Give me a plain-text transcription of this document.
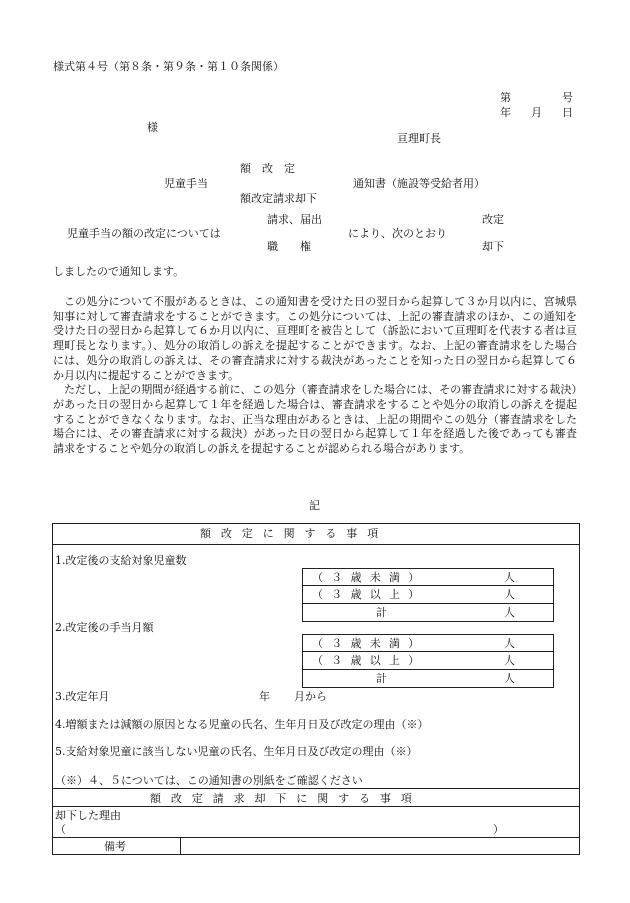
様式第４号（第８条・第９条・第１０条関係）
第	号
年 月 日
様
亘理町長
額　改　定
児童手当	通知書（施設等受給者用）
額改定請求却下
請求、届出	改定
児童手当の額の改定については	により、次のとおり
職　　権	却下
しましたので通知します。

この処分について不服があるときは、この通知書を受けた日の翌日から起算して３か月以内に、宮城県知事に対して審査請求をすることができます。この処分については、上記の審査請求のほか、この通知を受けた日の翌日から起算して６か月以内に、亘理町を被告として（訴訟において亘理町を代表する者は亘理町長となります。）、処分の取消しの訴えを提起することができます。なお、上記の審査請求をした場合には、処分の取消しの訴えは、その審査請求に対する裁決があったことを知った日の翌日から起算して６か月以内に提起することができます。

ただし、上記の期間が経過する前に、この処分（審査請求をした場合には、その審査請求に対する裁決）があった日の翌日から起算して１年を経過した場合は、審査請求をすることや処分の取消しの訴えを提起することができなくなります。なお、正当な理由があるときは、上記の期間やこの処分（審査請求をした場合には、その審査請求に対する裁決）があった日の翌日から起算して１年を経過した後であっても審査請求をすることや処分の取消しの訴えを提起することが認められる場合があります。

記
額改定に関する事項
1.改定後の支給対象児童数
（３歳未満）	人
（３歳以上）	人
計	人
2.改定後の手当月額
（３歳未満）	人
（３歳以上）	人
計	人
3.改定年月	年 月から
4.増額または減額の原因となる児童の氏名、生年月日及び改定の理由（※）
5.支給対象児童に該当しない児童の氏名、生年月日及び改定の理由（※）
（※）４、５については、この通知書の別紙をご確認ください
額改定請求却下に関する事項
却下した理由
（	）
備考
